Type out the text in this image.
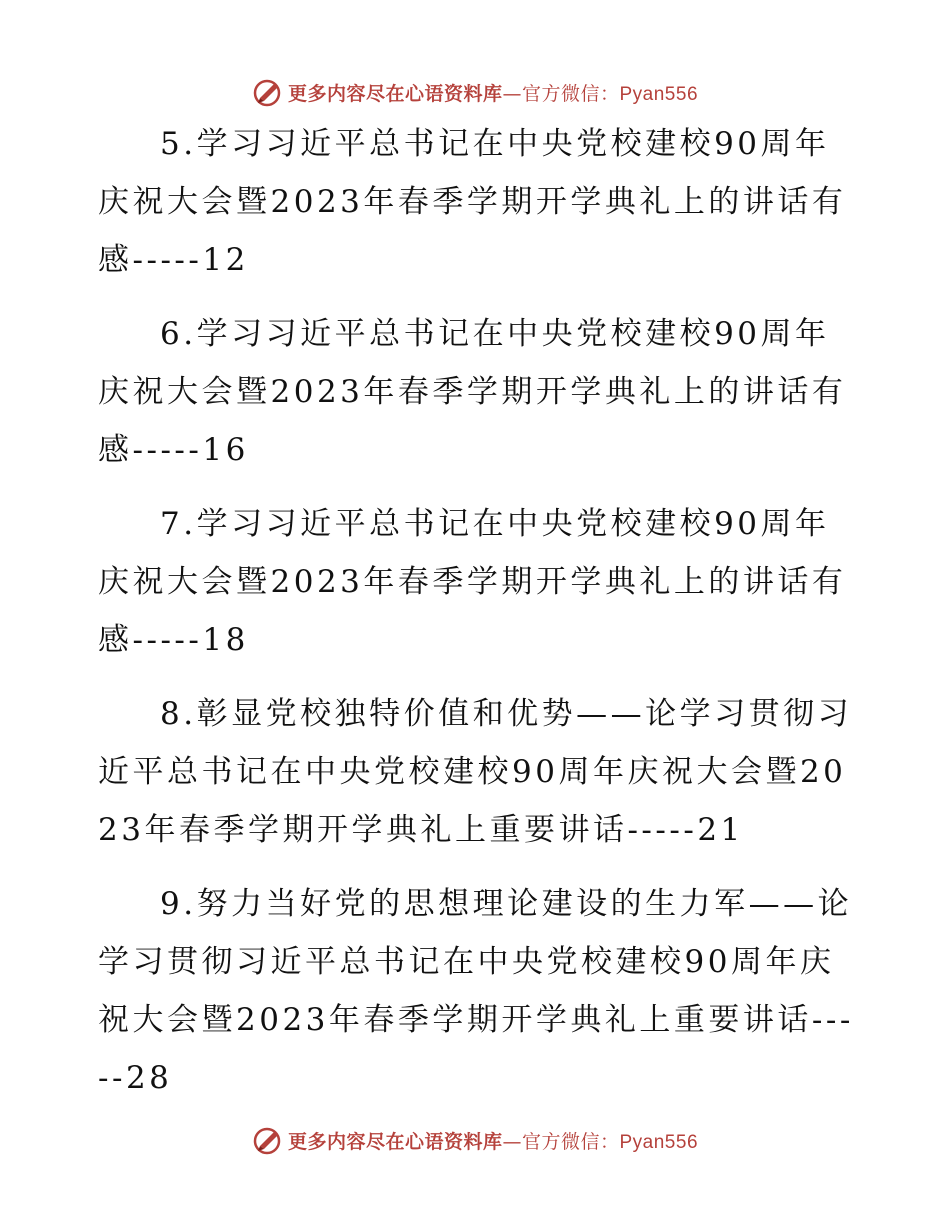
更多内容尽在心语资料库—官方微信：Pyan556

5.学习习近平总书记在中央党校建校90周年庆祝大会暨2023年春季学期开学典礼上的讲话有感-----12

6.学习习近平总书记在中央党校建校90周年庆祝大会暨2023年春季学期开学典礼上的讲话有感-----16

7.学习习近平总书记在中央党校建校90周年庆祝大会暨2023年春季学期开学典礼上的讲话有感-----18

8.彰显党校独特价值和优势——论学习贯彻习近平总书记在中央党校建校90周年庆祝大会暨2023年春季学期开学典礼上重要讲话-----21

9.努力当好党的思想理论建设的生力军——论学习贯彻习近平总书记在中央党校建校90周年庆祝大会暨2023年春季学期开学典礼上重要讲话-----28

更多内容尽在心语资料库—官方微信：Pyan556
